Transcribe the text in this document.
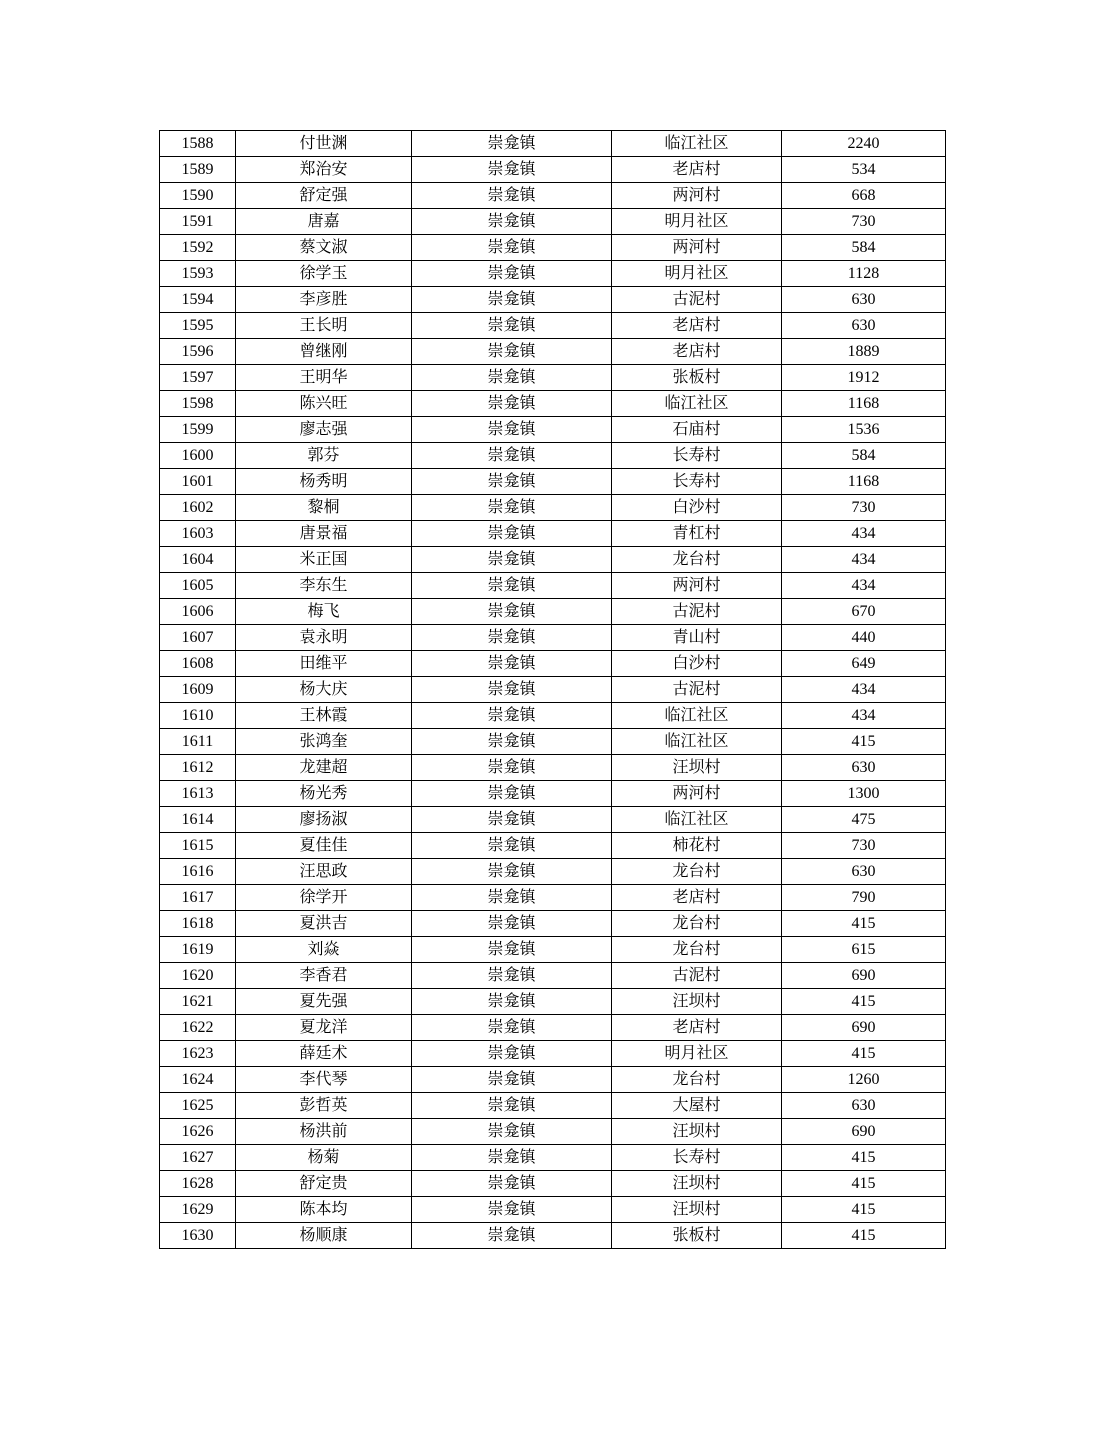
1588	付世渊	崇龛镇	临江社区	2240
1589	郑治安	崇龛镇	老店村	534
1590	舒定强	崇龛镇	两河村	668
1591	唐嘉	崇龛镇	明月社区	730
1592	蔡文淑	崇龛镇	两河村	584
1593	徐学玉	崇龛镇	明月社区	1128
1594	李彦胜	崇龛镇	古泥村	630
1595	王长明	崇龛镇	老店村	630
1596	曾继刚	崇龛镇	老店村	1889
1597	王明华	崇龛镇	张板村	1912
1598	陈兴旺	崇龛镇	临江社区	1168
1599	廖志强	崇龛镇	石庙村	1536
1600	郭芬	崇龛镇	长寿村	584
1601	杨秀明	崇龛镇	长寿村	1168
1602	黎桐	崇龛镇	白沙村	730
1603	唐景福	崇龛镇	青杠村	434
1604	米正国	崇龛镇	龙台村	434
1605	李东生	崇龛镇	两河村	434
1606	梅飞	崇龛镇	古泥村	670
1607	袁永明	崇龛镇	青山村	440
1608	田维平	崇龛镇	白沙村	649
1609	杨大庆	崇龛镇	古泥村	434
1610	王林霞	崇龛镇	临江社区	434
1611	张鸿奎	崇龛镇	临江社区	415
1612	龙建超	崇龛镇	汪坝村	630
1613	杨光秀	崇龛镇	两河村	1300
1614	廖扬淑	崇龛镇	临江社区	475
1615	夏佳佳	崇龛镇	柿花村	730
1616	汪思政	崇龛镇	龙台村	630
1617	徐学开	崇龛镇	老店村	790
1618	夏洪吉	崇龛镇	龙台村	415
1619	刘焱	崇龛镇	龙台村	615
1620	李香君	崇龛镇	古泥村	690
1621	夏先强	崇龛镇	汪坝村	415
1622	夏龙洋	崇龛镇	老店村	690
1623	薛廷术	崇龛镇	明月社区	415
1624	李代琴	崇龛镇	龙台村	1260
1625	彭哲英	崇龛镇	大屋村	630
1626	杨洪前	崇龛镇	汪坝村	690
1627	杨菊	崇龛镇	长寿村	415
1628	舒定贵	崇龛镇	汪坝村	415
1629	陈本均	崇龛镇	汪坝村	415
1630	杨顺康	崇龛镇	张板村	415
